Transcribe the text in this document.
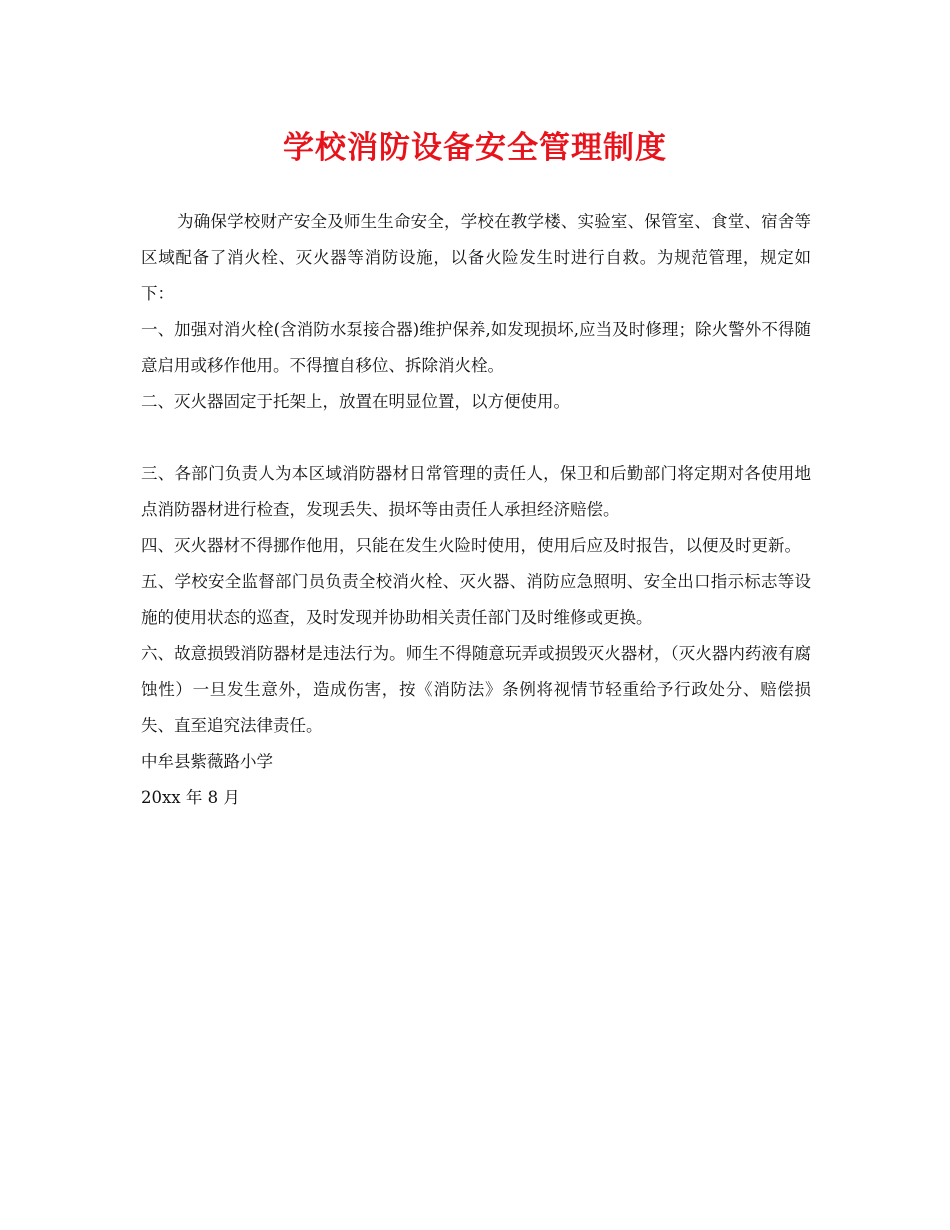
学校消防设备安全管理制度

为确保学校财产安全及师生生命安全，学校在教学楼、实验室、保管室、食堂、宿舍等区域配备了消火栓、灭火器等消防设施，以备火险发生时进行自救。为规范管理，规定如下：

一、加强对消火栓(含消防水泵接合器)维护保养,如发现损坏,应当及时修理；除火警外不得随意启用或移作他用。不得擅自移位、拆除消火栓。

二、灭火器固定于托架上，放置在明显位置，以方便使用。

三、各部门负责人为本区域消防器材日常管理的责任人，保卫和后勤部门将定期对各使用地点消防器材进行检查，发现丢失、损坏等由责任人承担经济赔偿。

四、灭火器材不得挪作他用，只能在发生火险时使用，使用后应及时报告，以便及时更新。

五、学校安全监督部门员负责全校消火栓、灭火器、消防应急照明、安全出口指示标志等设施的使用状态的巡查，及时发现并协助相关责任部门及时维修或更换。

六、故意损毁消防器材是违法行为。师生不得随意玩弄或损毁灭火器材，（灭火器内药液有腐蚀性）一旦发生意外，造成伤害，按《消防法》条例将视情节轻重给予行政处分、赔偿损失、直至追究法律责任。

中牟县紫薇路小学

20xx 年 8 月
